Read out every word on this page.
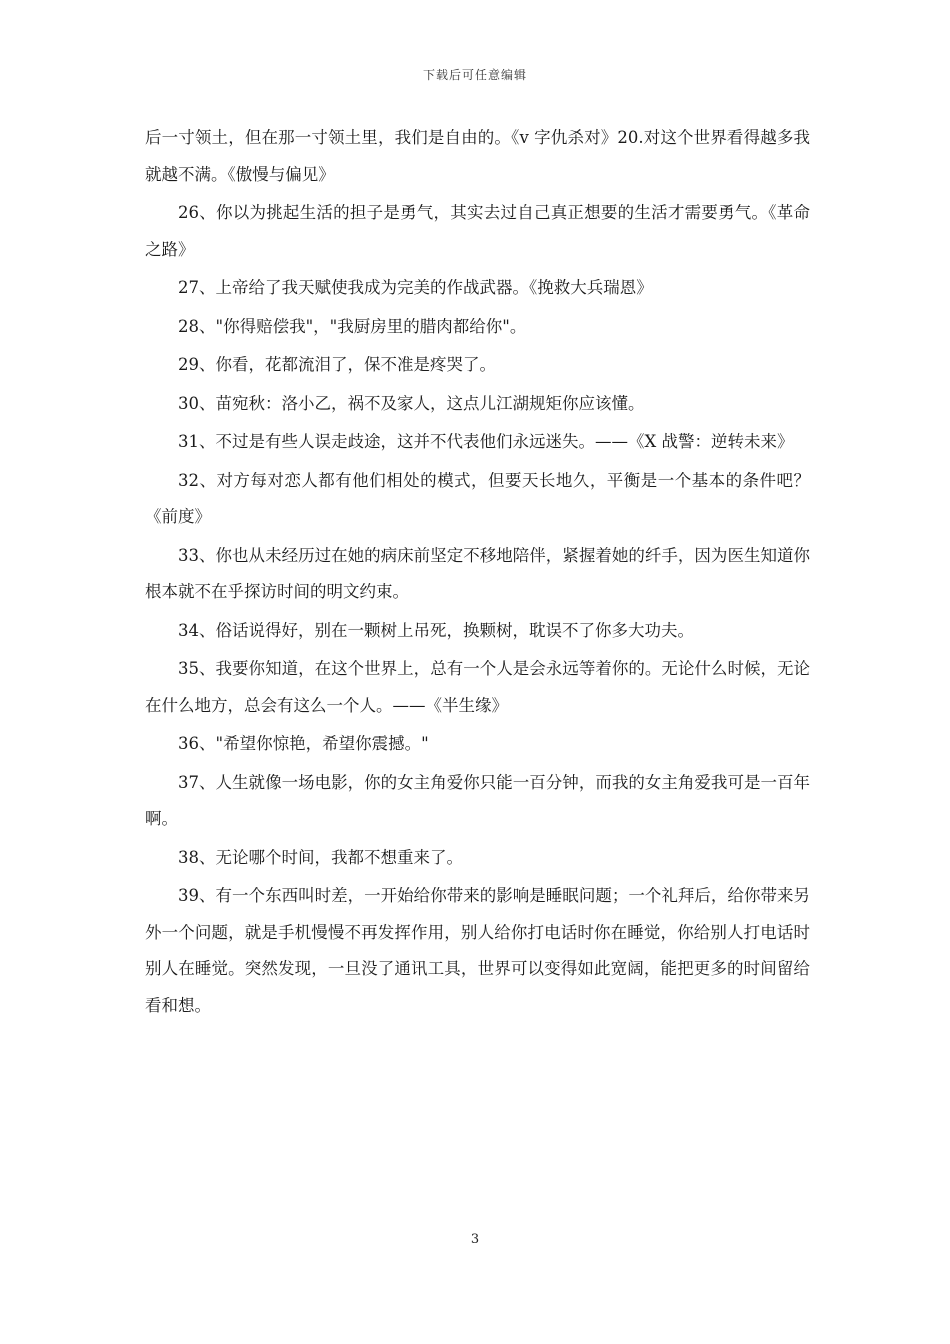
下载后可任意编辑

后一寸领土，但在那一寸领土里，我们是自由的。《v 字仇杀对》20.对这个世界看得越多我就越不满。《傲慢与偏见》

26、你以为挑起生活的担子是勇气，其实去过自己真正想要的生活才需要勇气。《革命之路》

27、上帝给了我天赋使我成为完美的作战武器。《挽救大兵瑞恩》

28、"你得赔偿我"，"我厨房里的腊肉都给你"。

29、你看，花都流泪了，保不准是疼哭了。

30、苗宛秋：洛小乙，祸不及家人，这点儿江湖规矩你应该懂。

31、不过是有些人误走歧途，这并不代表他们永远迷失。——《X 战警：逆转未来》

32、对方每对恋人都有他们相处的模式，但要天长地久，平衡是一个基本的条件吧？《前度》

33、你也从未经历过在她的病床前坚定不移地陪伴，紧握着她的纤手，因为医生知道你根本就不在乎探访时间的明文约束。

34、俗话说得好，别在一颗树上吊死，换颗树，耽误不了你多大功夫。

35、我要你知道，在这个世界上，总有一个人是会永远等着你的。无论什么时候，无论在什么地方，总会有这么一个人。——《半生缘》

36、"希望你惊艳，希望你震撼。"

37、人生就像一场电影，你的女主角爱你只能一百分钟，而我的女主角爱我可是一百年啊。

38、无论哪个时间，我都不想重来了。

39、有一个东西叫时差，一开始给你带来的影响是睡眠问题；一个礼拜后，给你带来另外一个问题，就是手机慢慢不再发挥作用，别人给你打电话时你在睡觉，你给别人打电话时别人在睡觉。突然发现，一旦没了通讯工具，世界可以变得如此宽阔，能把更多的时间留给看和想。

3
